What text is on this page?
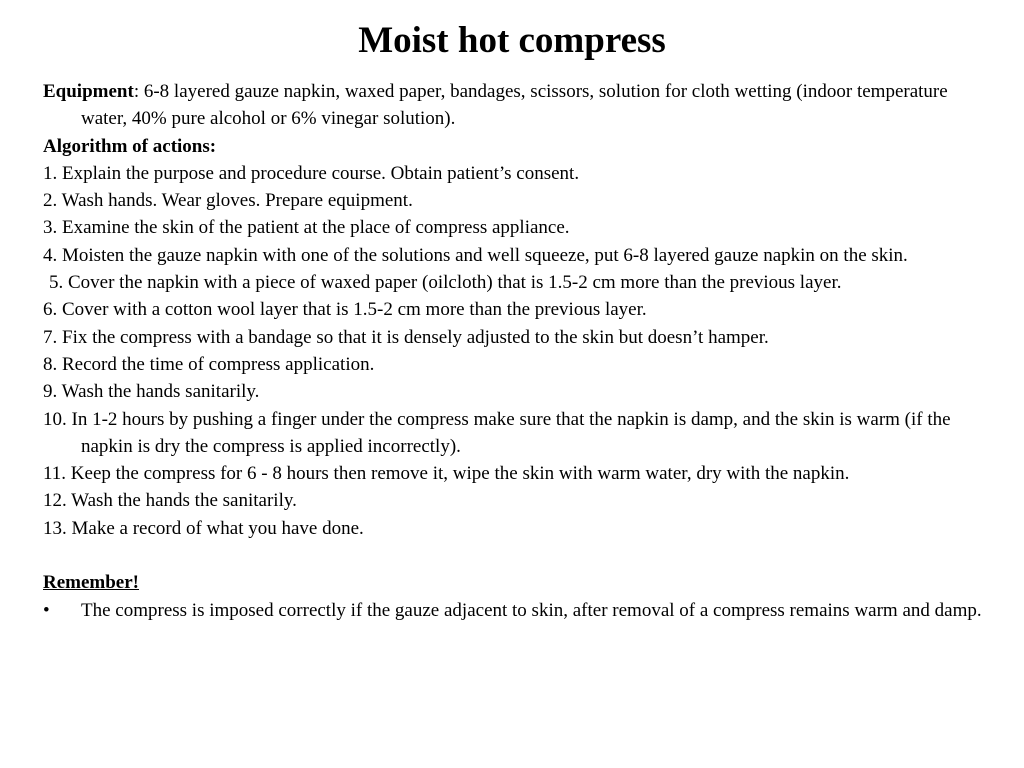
Moist hot compress

Equipment: 6-8 layered gauze napkin, waxed paper, bandages, scissors, solution for cloth wetting (indoor temperature water, 40% pure alcohol or 6% vinegar solution).

Algorithm of actions:

1. Explain the purpose and procedure course. Obtain patient’s consent.

2. Wash hands. Wear gloves. Prepare equipment.

3. Examine the skin of the patient at the place of compress appliance.

4. Moisten the gauze napkin with one of the solutions and well squeeze, put 6-8 layered gauze napkin on the skin.

5. Cover the napkin with a piece of waxed paper (oilcloth) that is 1.5-2 cm more than the previous layer.

6. Cover with a cotton wool layer that is 1.5-2 cm more than the previous layer.

7. Fix the compress with a bandage so that it is densely adjusted to the skin but doesn’t hamper.

8. Record the time of compress application.

9. Wash the hands sanitarily.

10. In 1-2 hours by pushing a finger under the compress make sure that the napkin is damp, and the skin is warm (if the napkin is dry the compress is applied incorrectly).

11. Keep the compress for 6 - 8 hours then remove it, wipe the skin with warm water, dry with the napkin.

12. Wash the hands the sanitarily.

13. Make a record of what you have done.

Remember!

• The compress is imposed correctly if the gauze adjacent to skin, after removal of a compress remains warm and damp.
